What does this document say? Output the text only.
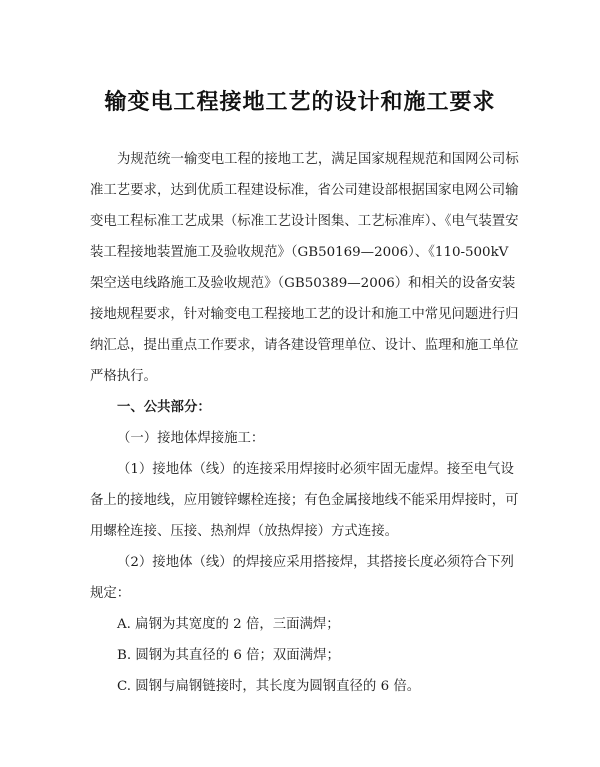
输变电工程接地工艺的设计和施工要求

为规范统一输变电工程的接地工艺，满足国家规程规范和国网公司标准工艺要求，达到优质工程建设标准，省公司建设部根据国家电网公司输变电工程标准工艺成果（标准工艺设计图集、工艺标准库）、《电气装置安装工程接地装置施工及验收规范》（GB50169—2006）、《110-500kV 架空送电线路施工及验收规范》（GB50389—2006）和相关的设备安装接地规程要求，针对输变电工程接地工艺的设计和施工中常见问题进行归纳汇总，提出重点工作要求，请各建设管理单位、设计、监理和施工单位严格执行。

一、公共部分：

（一）接地体焊接施工：

（1）接地体（线）的连接采用焊接时必须牢固无虚焊。接至电气设备上的接地线，应用镀锌螺栓连接；有色金属接地线不能采用焊接时，可用螺栓连接、压接、热剂焊（放热焊接）方式连接。

（2）接地体（线）的焊接应采用搭接焊，其搭接长度必须符合下列规定：

A. 扁钢为其宽度的 2 倍，三面满焊；

B. 圆钢为其直径的 6 倍；双面满焊；

C. 圆钢与扁钢链接时，其长度为圆钢直径的 6 倍。
